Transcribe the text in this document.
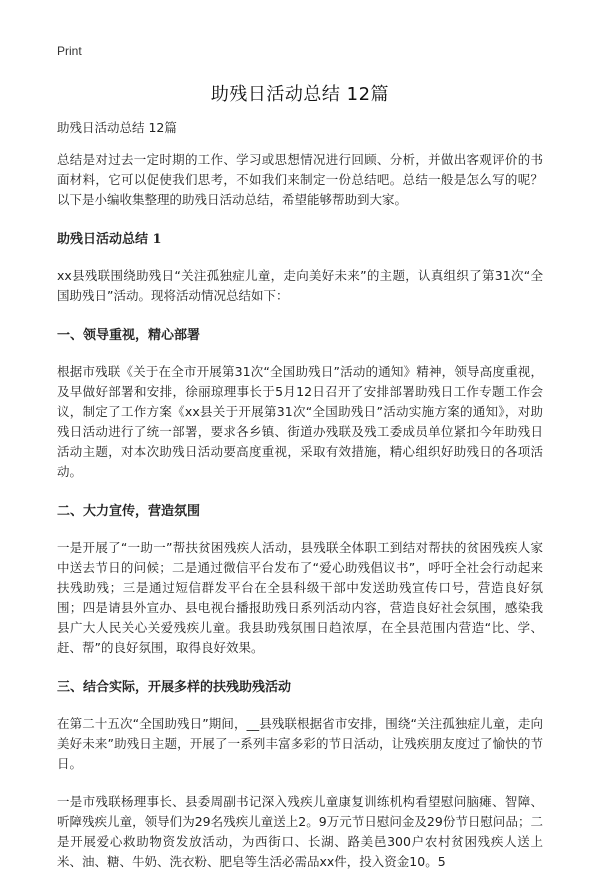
Print
助残日活动总结 12篇

助残日活动总结 12篇

总结是对过去一定时期的工作、学习或思想情况进行回顾、分析，并做出客观评价的书面材料，它可以促使我们思考，不如我们来制定一份总结吧。总结一般是怎么写的呢？以下是小编收集整理的助残日活动总结，希望能够帮助到大家。

助残日活动总结 1

xx县残联围绕助残日“关注孤独症儿童，走向美好未来”的主题，认真组织了第31次“全国助残日”活动。现将活动情况总结如下：

一、领导重视，精心部署

根据市残联《关于在全市开展第31次“全国助残日”活动的通知》精神，领导高度重视，及早做好部署和安排，徐丽琼理事长于5月12日召开了安排部署助残日工作专题工作会议，制定了工作方案《xx县关于开展第31次“全国助残日”活动实施方案的通知》，对助残日活动进行了统一部署，要求各乡镇、街道办残联及残工委成员单位紧扣今年助残日活动主题，对本次助残日活动要高度重视，采取有效措施，精心组织好助残日的各项活动。

二、大力宣传，营造氛围

一是开展了“一助一”帮扶贫困残疾人活动，县残联全体职工到结对帮扶的贫困残疾人家中送去节日的问候；二是通过微信平台发布了“爱心助残倡议书”，呼吁全社会行动起来扶残助残；三是通过短信群发平台在全县科级干部中发送助残宣传口号，营造良好氛围；四是请县外宣办、县电视台播报助残日系列活动内容，营造良好社会氛围，感染我县广大人民关心关爱残疾儿童。我县助残氛围日趋浓厚，在全县范围内营造“比、学、赶、帮”的良好氛围，取得良好效果。

三、结合实际，开展多样的扶残助残活动

在第二十五次“全国助残日”期间，__县残联根据省市安排，围绕“关注孤独症儿童，走向美好未来”助残日主题，开展了一系列丰富多彩的节日活动，让残疾朋友度过了愉快的节日。

一是市残联杨理事长、县委周副书记深入残疾儿童康复训练机构看望慰问脑瘫、智障、听障残疾儿童，领导们为29名残疾儿童送上2。9万元节日慰问金及29份节日慰问品；二是开展爱心救助物资发放活动，为西街口、长湖、路美邑300户农村贫困残疾人送上米、油、糖、牛奶、洗衣粉、肥皂等生活必需品xx件，投入资金10。5
